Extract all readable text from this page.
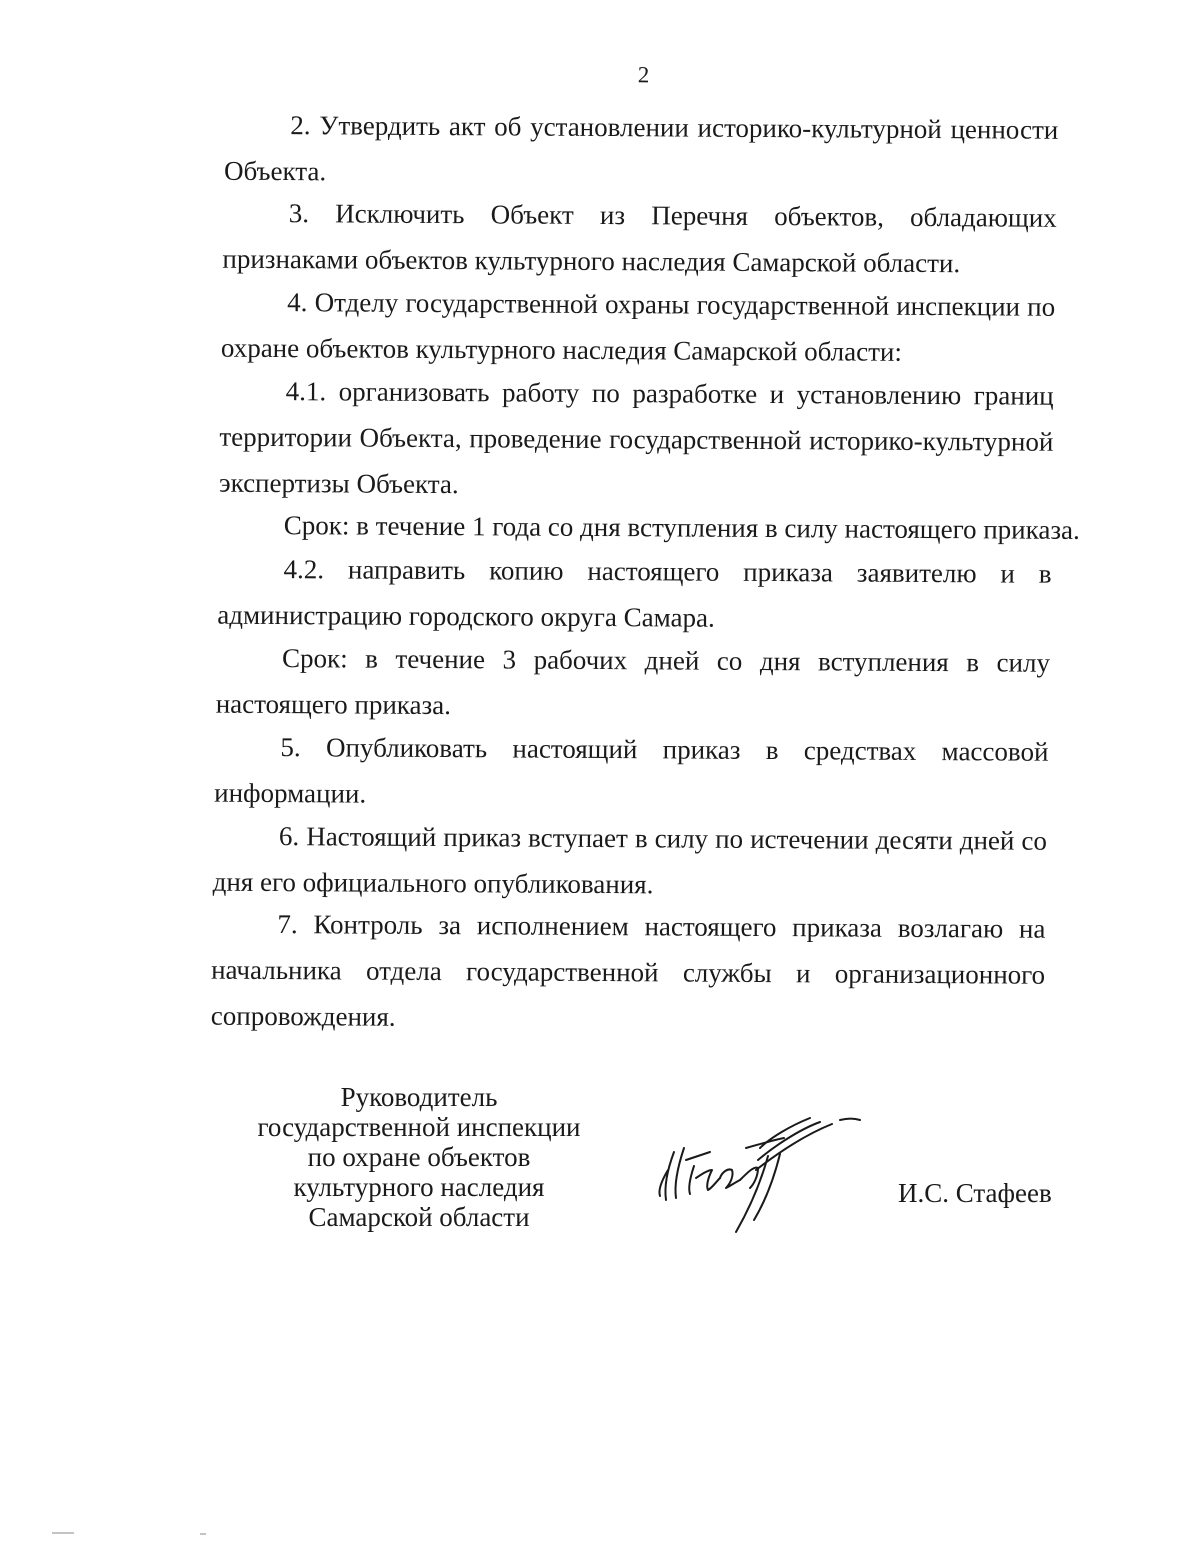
2

2. Утвердить акт об установлении историко-культурной ценности Объекта.

3. Исключить Объект из Перечня объектов, обладающих признаками объектов культурного наследия Самарской области.

4. Отделу государственной охраны государственной инспекции по охране объектов культурного наследия Самарской области:

4.1. организовать работу по разработке и установлению границ территории Объекта, проведение государственной историко-культурной экспертизы Объекта.

Срок: в течение 1 года со дня вступления в силу настоящего приказа.

4.2. направить копию настоящего приказа заявителю и в администрацию городского округа Самара.

Срок: в течение 3 рабочих дней со дня вступления в силу настоящего приказа.

5. Опубликовать настоящий приказ в средствах массовой информации.

6. Настоящий приказ вступает в силу по истечении десяти дней со дня его официального опубликования.

7. Контроль за исполнением настоящего приказа возлагаю на начальника отдела государственной службы и организационного сопровождения.

Руководитель
государственной инспекции
по охране объектов
культурного наследия
Самарской области
И.С. Стафеев
